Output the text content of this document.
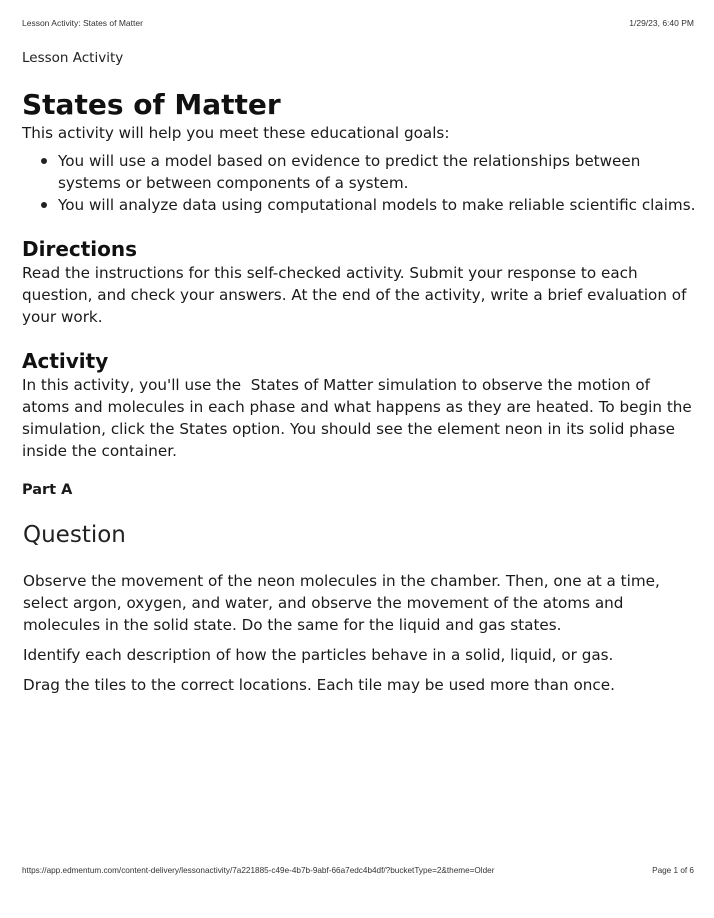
Lesson Activity: States of Matter	1/29/23, 6:40 PM
Lesson Activity
States of Matter

This activity will help you meet these educational goals:

You will use a model based on evidence to predict the relationships between systems or between components of a system.
You will analyze data using computational models to make reliable scientific claims.
Directions

Read the instructions for this self-checked activity. Submit your response to each question, and check your answers. At the end of the activity, write a brief evaluation of your work.

Activity

In this activity, you'll use the  States of Matter simulation to observe the motion of atoms and molecules in each phase and what happens as they are heated. To begin the simulation, click the States option. You should see the element neon in its solid phase inside the container.

Part A
Question

Observe the movement of the neon molecules in the chamber. Then, one at a time, select argon, oxygen, and water, and observe the movement of the atoms and molecules in the solid state. Do the same for the liquid and gas states.

Identify each description of how the particles behave in a solid, liquid, or gas.

Drag the tiles to the correct locations. Each tile may be used more than once.

https://app.edmentum.com/content-delivery/lessonactivity/7a221885-c49e-4b7b-9abf-66a7edc4b4df/?bucketType=2&theme=Older	Page 1 of 6
